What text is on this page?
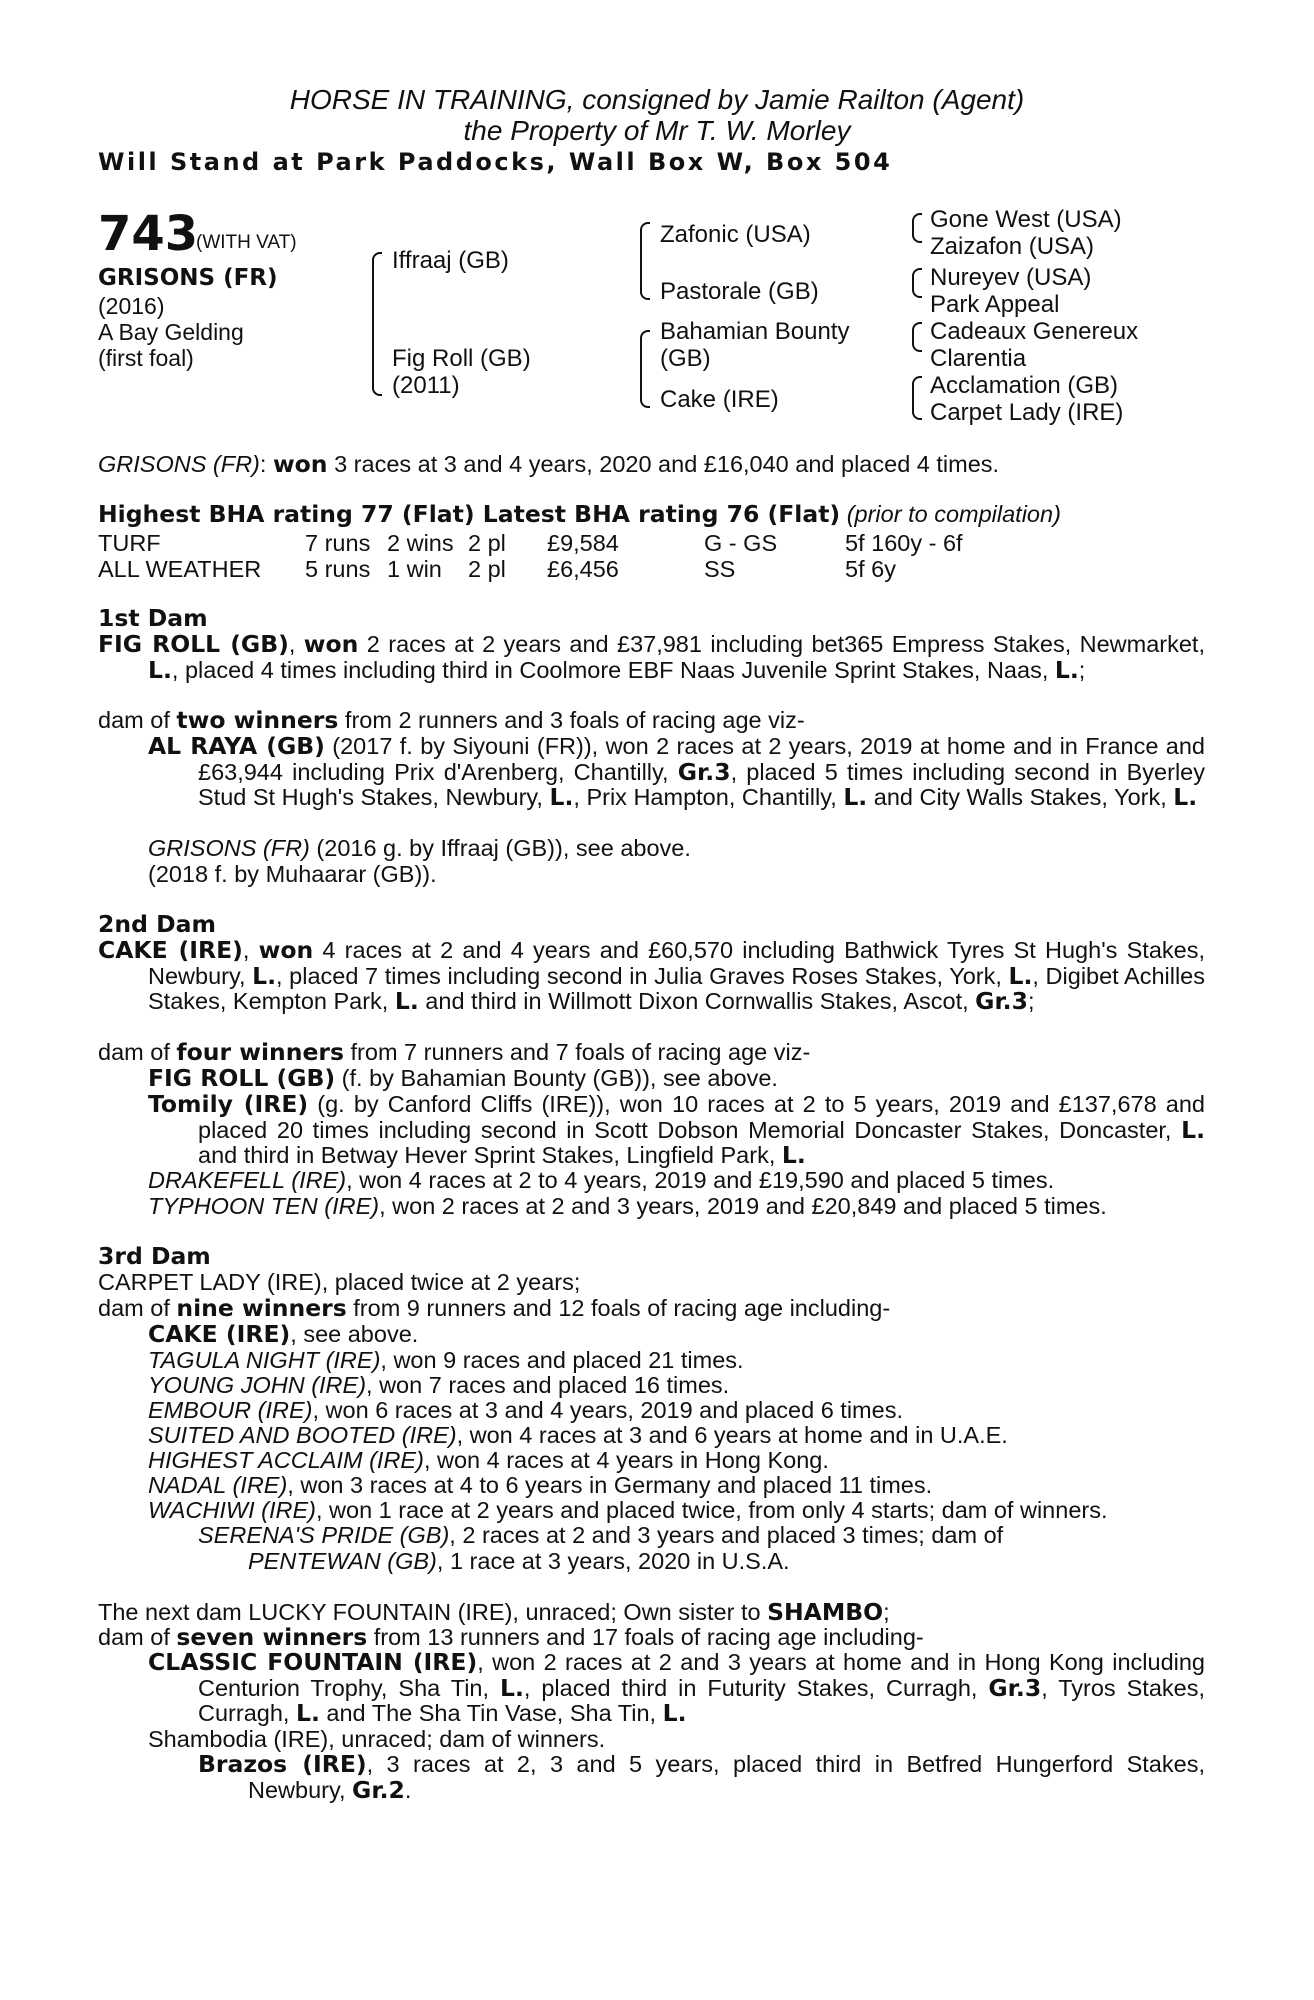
HORSE IN TRAINING, consigned by Jamie Railton (Agent)
the Property of Mr T. W. Morley
Will Stand at Park Paddocks, Wall Box W, Box 504
743
(WITH VAT)
GRISONS (FR)
(2016)
A Bay Gelding
(first foal)
Iffraaj (GB)
Fig Roll (GB)
(2011)
Zafonic (USA)
Pastorale (GB)
Bahamian Bounty
(GB)
Cake (IRE)
Gone West (USA)
Zaizafon (USA)
Nureyev (USA)
Park Appeal
Cadeaux Genereux
Clarentia
Acclamation (GB)
Carpet Lady (IRE)
GRISONS (FR): won 3 races at 3 and 4 years, 2020 and £16,040 and placed 4 times.
Highest BHA rating 77 (Flat) Latest BHA rating 76 (Flat) (prior to compilation)
TURF	7 runs 2 wins 2 pl £9,584	G - GS	5f 160y - 6f
ALL WEATHER 5 runs 1 win 2 pl £6,456	SS	5f 6y
1st Dam
FIG ROLL (GB), won 2 races at 2 years and £37,981 including bet365 Empress Stakes, Newmarket, L., placed 4 times including third in Coolmore EBF Naas Juvenile Sprint Stakes, Naas, L.;
dam of two winners from 2 runners and 3 foals of racing age viz-
AL RAYA (GB) (2017 f. by Siyouni (FR)), won 2 races at 2 years, 2019 at home and in France and £63,944 including Prix d'Arenberg, Chantilly, Gr.3, placed 5 times including second in Byerley Stud St Hugh's Stakes, Newbury, L., Prix Hampton, Chantilly, L. and City Walls Stakes, York, L.
GRISONS (FR) (2016 g. by Iffraaj (GB)), see above.
(2018 f. by Muhaarar (GB)).
2nd Dam
CAKE (IRE), won 4 races at 2 and 4 years and £60,570 including Bathwick Tyres St Hugh's Stakes, Newbury, L., placed 7 times including second in Julia Graves Roses Stakes, York, L., Digibet Achilles Stakes, Kempton Park, L. and third in Willmott Dixon Cornwallis Stakes, Ascot, Gr.3;
dam of four winners from 7 runners and 7 foals of racing age viz-
FIG ROLL (GB) (f. by Bahamian Bounty (GB)), see above.
Tomily (IRE) (g. by Canford Cliffs (IRE)), won 10 races at 2 to 5 years, 2019 and £137,678 and placed 20 times including second in Scott Dobson Memorial Doncaster Stakes, Doncaster, L. and third in Betway Hever Sprint Stakes, Lingfield Park, L.
DRAKEFELL (IRE), won 4 races at 2 to 4 years, 2019 and £19,590 and placed 5 times.
TYPHOON TEN (IRE), won 2 races at 2 and 3 years, 2019 and £20,849 and placed 5 times.
3rd Dam
CARPET LADY (IRE), placed twice at 2 years;
dam of nine winners from 9 runners and 12 foals of racing age including-
CAKE (IRE), see above.
TAGULA NIGHT (IRE), won 9 races and placed 21 times.
YOUNG JOHN (IRE), won 7 races and placed 16 times.
EMBOUR (IRE), won 6 races at 3 and 4 years, 2019 and placed 6 times.
SUITED AND BOOTED (IRE), won 4 races at 3 and 6 years at home and in U.A.E.
HIGHEST ACCLAIM (IRE), won 4 races at 4 years in Hong Kong.
NADAL (IRE), won 3 races at 4 to 6 years in Germany and placed 11 times.
WACHIWI (IRE), won 1 race at 2 years and placed twice, from only 4 starts; dam of winners.
SERENA'S PRIDE (GB), 2 races at 2 and 3 years and placed 3 times; dam of
PENTEWAN (GB), 1 race at 3 years, 2020 in U.S.A.
The next dam LUCKY FOUNTAIN (IRE), unraced; Own sister to SHAMBO;
dam of seven winners from 13 runners and 17 foals of racing age including-
CLASSIC FOUNTAIN (IRE), won 2 races at 2 and 3 years at home and in Hong Kong including Centurion Trophy, Sha Tin, L., placed third in Futurity Stakes, Curragh, Gr.3, Tyros Stakes, Curragh, L. and The Sha Tin Vase, Sha Tin, L.
Shambodia (IRE), unraced; dam of winners.
Brazos (IRE), 3 races at 2, 3 and 5 years, placed third in Betfred Hungerford Stakes, Newbury, Gr.2.
